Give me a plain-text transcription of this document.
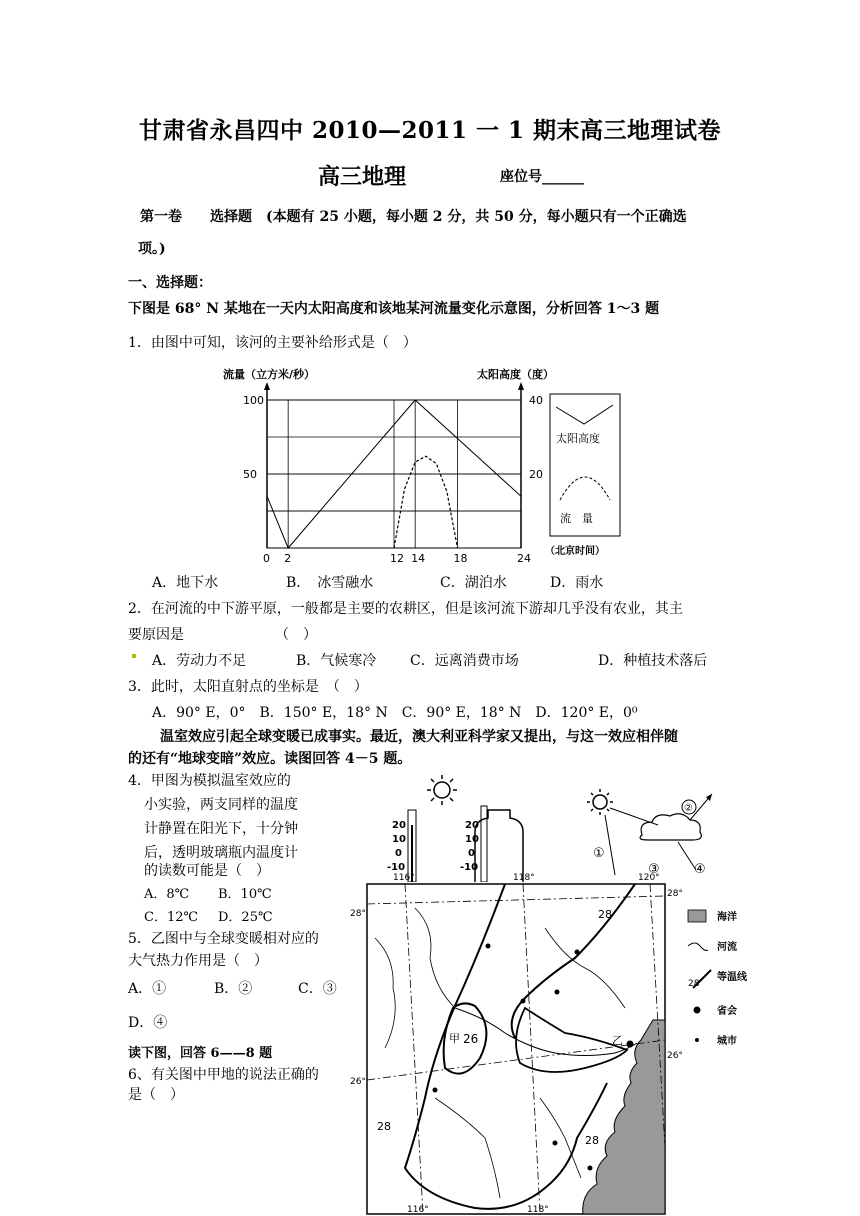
甘肃省永昌四中 2010—2011 一 1 期末高三地理试卷
高三地理	座位号______
第一卷　　选择题　(本题有 25 小题，每小题 2 分，共 50 分，每小题只有一个正确选
项。)
一、选择题：
下图是 68° N 某地在一天内太阳高度和该地某河流量变化示意图，分析回答 1～3 题
1．由图中可知，该河的主要补给形式是（　）
流量（立方米/秒）	太阳高度（度）
0 2	12 14	18	24
50
100
20
40
太阳高度
流　量
（北京时间）
A．地下水	B．　冰雪融水	C．湖泊水	D．雨水
2．在河流的中下游平原，一般都是主要的农耕区，但是该河流下游却几乎没有农业，其主
要原因是　　　　　　　（　）
A．劳动力不足	B．气候寒冷 C．远离消费市场	D．种植技术落后
3．此时，太阳直射点的坐标是　（　）
A．90° E，0°　B．150° E，18° N　C．90° E，18° N　D．120° E，0⁰
温室效应引起全球变暖已成事实。最近，澳大利亚科学家又提出，与这一效应相伴随
的还有“地球变暗”效应。读图回答 4－5 题。
4．甲图为模拟温室效应的
小实验，两支同样的温度
计静置在阳光下，十分钟
后，透明玻璃瓶内温度计
的读数可能是（　）
A．8℃ B．10℃
C．12℃ D．25℃
5．乙图中与全球变暖相对应的
大气热力作用是（　）
A．①	B．②	C．③
D．④
读下图，回答 6——8 题
6、有关图中甲地的说法正确的
是（　）
20
10
0
-10
20
10
0
-10
②
①
③	④
116°	118°	120°
116°	118°
28°
26°
28°
26°
28
26
28
28
甲	乙
海洋
河流
28
等温线
省会
城市
